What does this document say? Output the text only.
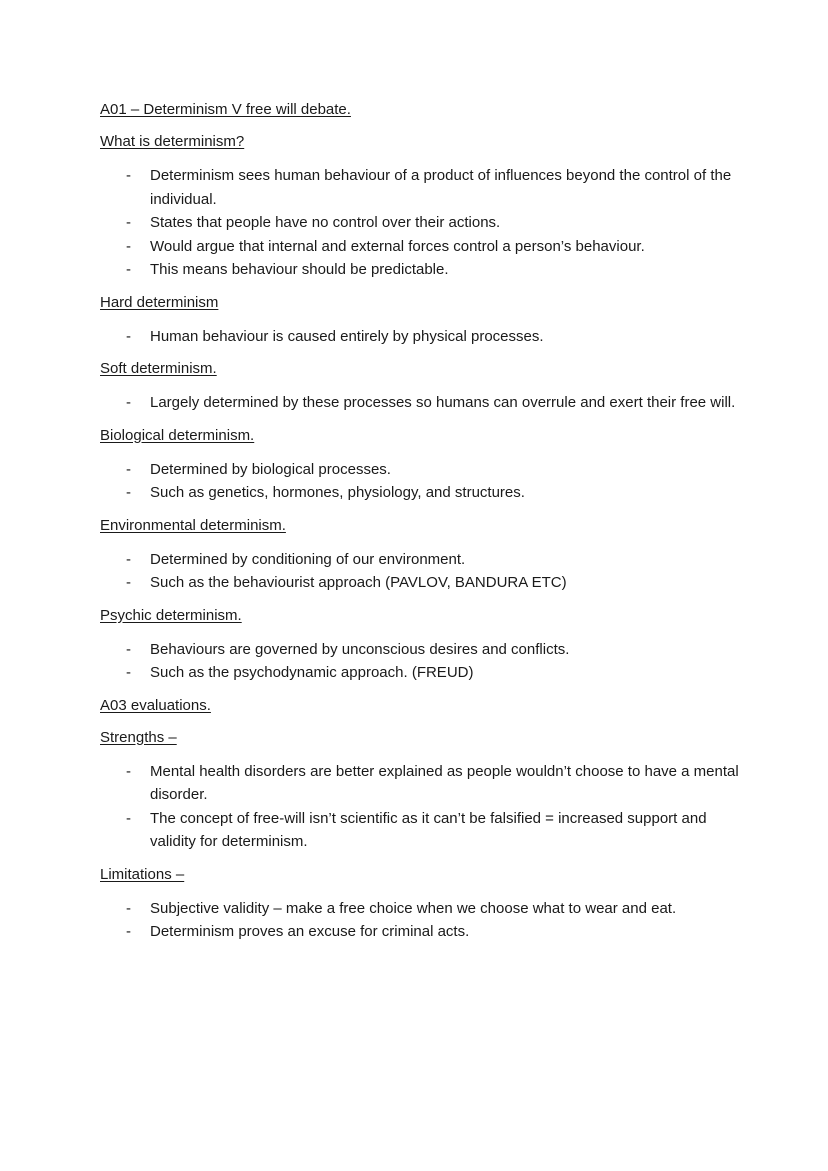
A01 – Determinism V free will debate.
What is determinism?
- Determinism sees human behaviour of a product of influences beyond the control of the individual.
- States that people have no control over their actions.
- Would argue that internal and external forces control a person’s behaviour.
- This means behaviour should be predictable.
Hard determinism
- Human behaviour is caused entirely by physical processes.
Soft determinism.
- Largely determined by these processes so humans can overrule and exert their free will.
Biological determinism.
- Determined by biological processes.
- Such as genetics, hormones, physiology, and structures.
Environmental determinism.
- Determined by conditioning of our environment.
- Such as the behaviourist approach (PAVLOV, BANDURA ETC)
Psychic determinism.
- Behaviours are governed by unconscious desires and conflicts.
- Such as the psychodynamic approach. (FREUD)
A03 evaluations.
Strengths –
- Mental health disorders are better explained as people wouldn’t choose to have a mental disorder.
- The concept of free-will isn’t scientific as it can’t be falsified = increased support and validity for determinism.
Limitations –
- Subjective validity – make a free choice when we choose what to wear and eat.
- Determinism proves an excuse for criminal acts.
